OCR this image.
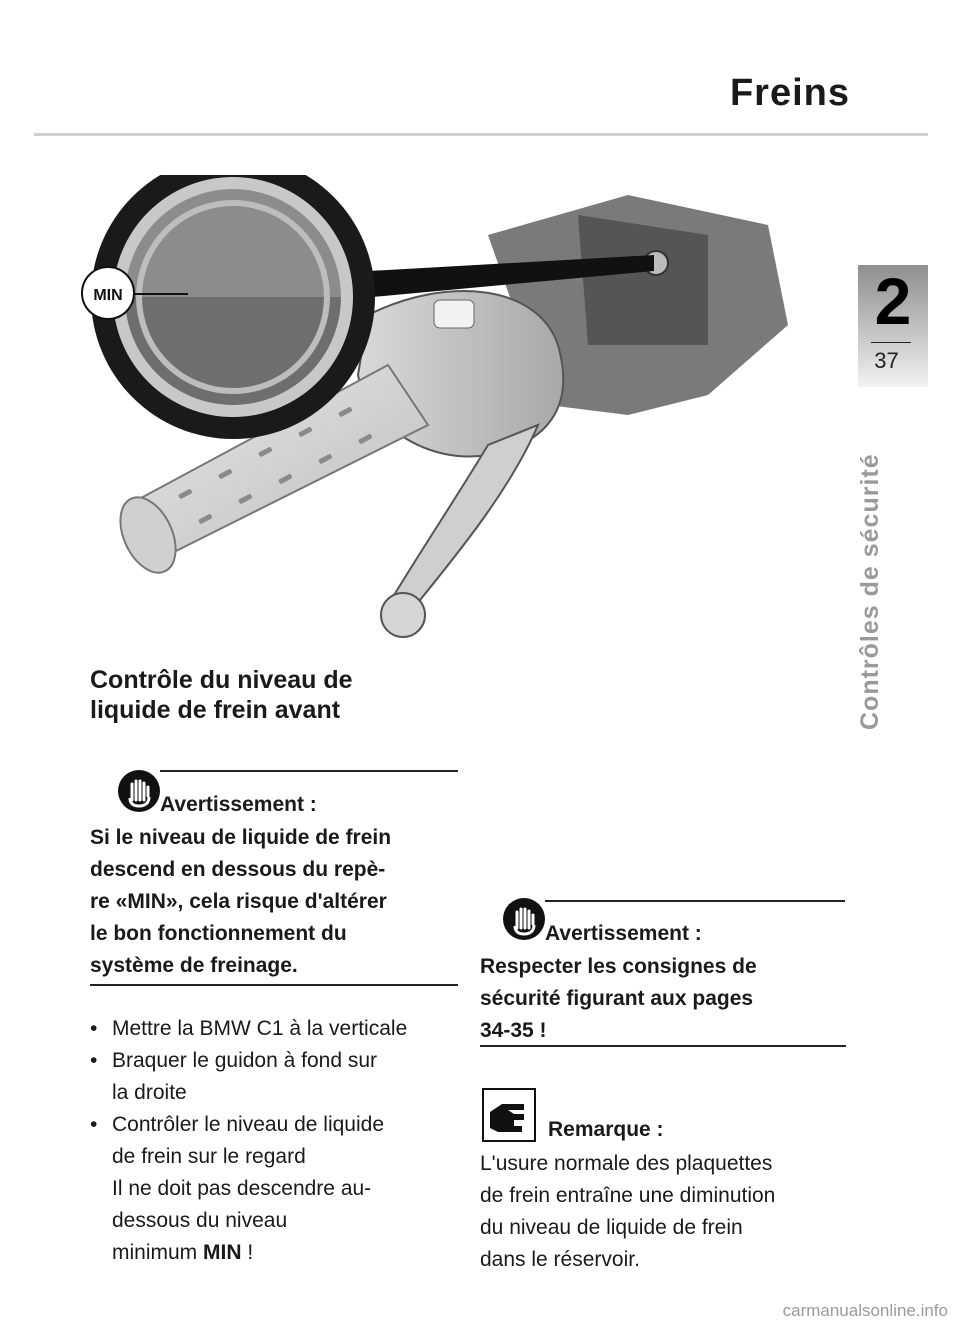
Freins
2
37
Contrôles de sécurité
MIN
Contrôle du niveau de
liquide de frein avant
Avertissement :
Si le niveau de liquide de frein
descend en dessous du repè-
re «MIN», cela risque d'altérer
le bon fonctionnement du
système de freinage.
• Mettre la BMW C1 à la verticale
• Braquer le guidon à fond sur
la droite
• Contrôler le niveau de liquide
de frein sur le regard
Il ne doit pas descendre au-
dessous du niveau
minimum MIN !
Avertissement :
Respecter les consignes de
sécurité figurant aux pages
34-35 !
Remarque :
L'usure normale des plaquettes
de frein entraîne une diminution
du niveau de liquide de frein
dans le réservoir.
carmanualsonline.info
